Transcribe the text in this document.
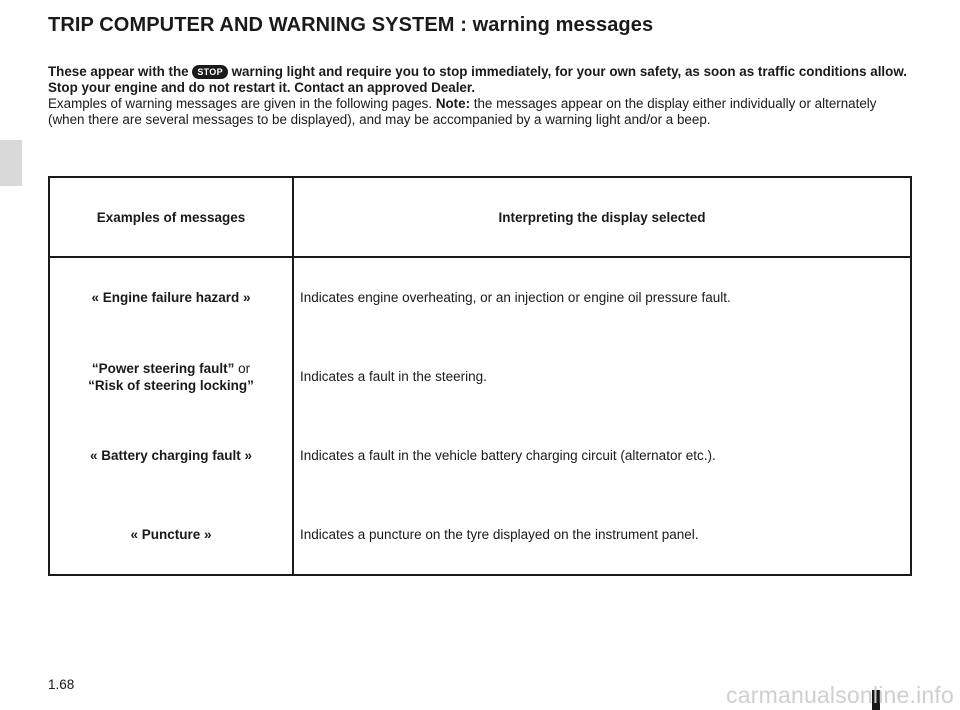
TRIP COMPUTER AND WARNING SYSTEM : warning messages

These appear with the STOP warning light and require you to stop immediately, for your own safety, as soon as traffic conditions allow. Stop your engine and do not restart it. Contact an approved Dealer.
Examples of warning messages are given in the following pages. Note: the messages appear on the display either individually or alternately (when there are several messages to be displayed), and may be accompanied by a warning light and/or a beep.

Examples of messages	Interpreting the display selected
« Engine failure hazard »	Indicates engine overheating, or an injection or engine oil pressure fault.
“Power steering fault” or
“Risk of steering locking”	Indicates a fault in the steering.
« Battery charging fault »	Indicates a fault in the vehicle battery charging circuit (alternator etc.).
« Puncture »	Indicates a puncture on the tyre displayed on the instrument panel.
1.68	carmanualsonline.info
